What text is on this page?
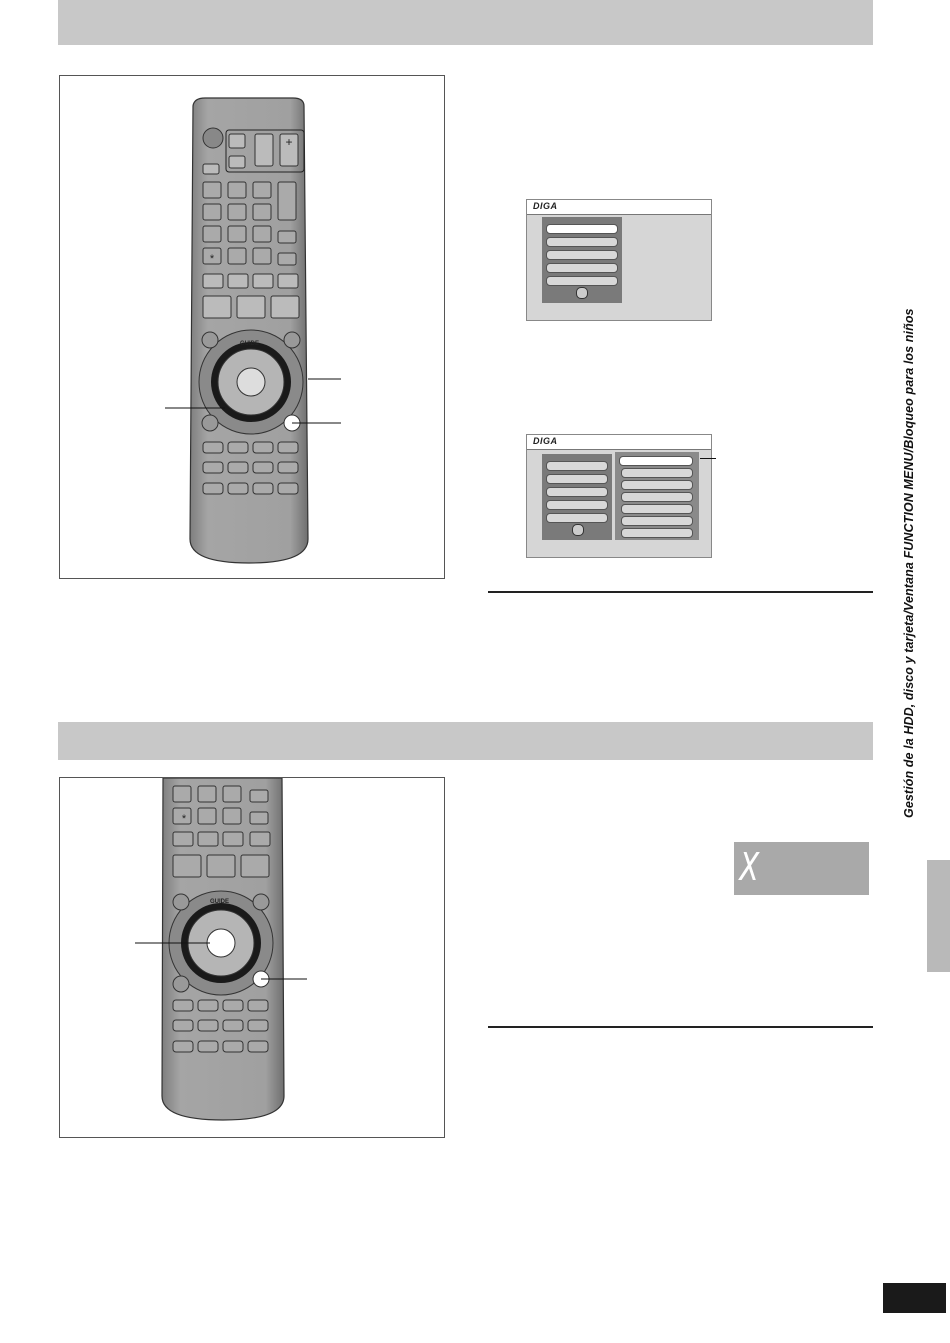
+
*
GUIDE
DIGA
DIGA
*
GUIDE
X HOLD
Gestión de la HDD, disco y tarjeta/Ventana FUNCTION MENU/Bloqueo para los niños
